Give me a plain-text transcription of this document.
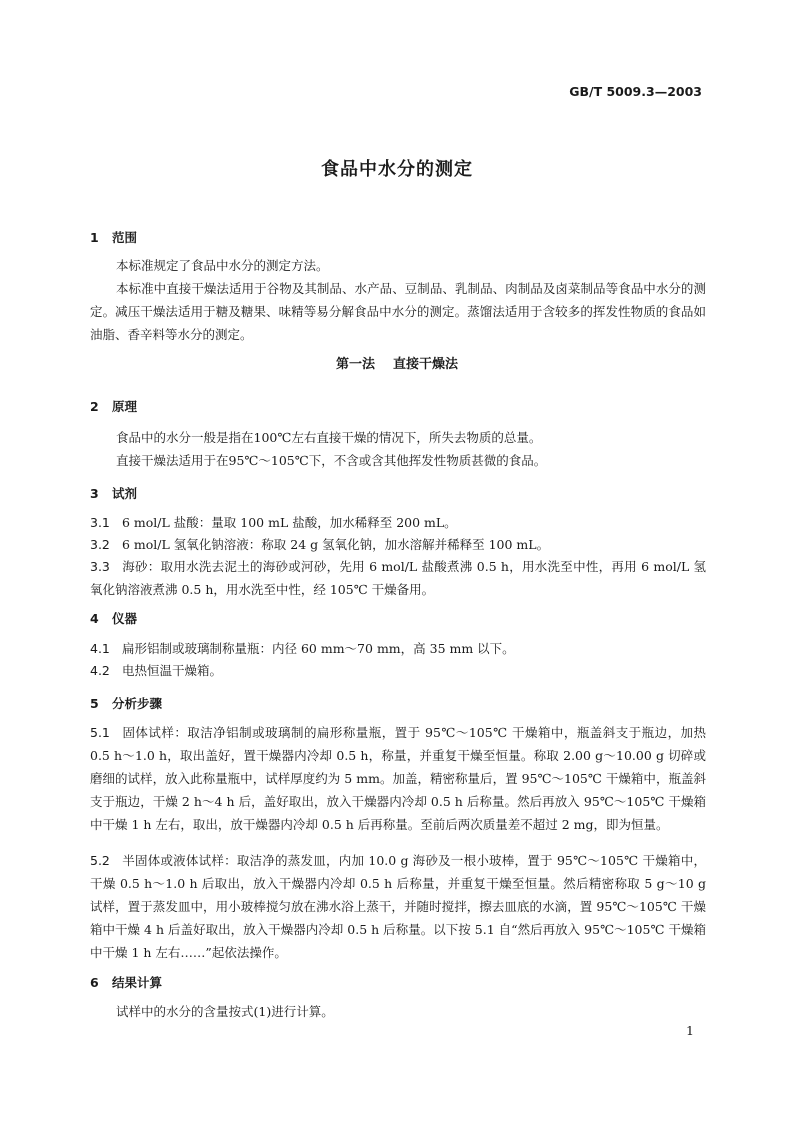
GB/T 5009.3—2003
食品中水分的测定
1 范围
本标准规定了食品中水分的测定方法。
本标准中直接干燥法适用于谷物及其制品、水产品、豆制品、乳制品、肉制品及卤菜制品等食品中水分的测定。减压干燥法适用于糖及糖果、味精等易分解食品中水分的测定。蒸馏法适用于含较多的挥发性物质的食品如油脂、香辛料等水分的测定。
第一法 直接干燥法
2 原理
食品中的水分一般是指在100℃左右直接干燥的情况下，所失去物质的总量。
直接干燥法适用于在95℃～105℃下，不含或含其他挥发性物质甚微的食品。
3 试剂
3.1 6 mol/L 盐酸：量取 100 mL 盐酸，加水稀释至 200 mL。
3.2 6 mol/L 氢氧化钠溶液：称取 24 g 氢氧化钠，加水溶解并稀释至 100 mL。
3.3 海砂：取用水洗去泥土的海砂或河砂，先用 6 mol/L 盐酸煮沸 0.5 h，用水洗至中性，再用 6 mol/L 氢氧化钠溶液煮沸 0.5 h，用水洗至中性，经 105℃ 干燥备用。
4 仪器
4.1 扁形铝制或玻璃制称量瓶：内径 60 mm～70 mm，高 35 mm 以下。
4.2 电热恒温干燥箱。
5 分析步骤
5.1 固体试样：取洁净铝制或玻璃制的扁形称量瓶，置于 95℃～105℃ 干燥箱中，瓶盖斜支于瓶边，加热 0.5 h～1.0 h，取出盖好，置干燥器内冷却 0.5 h，称量，并重复干燥至恒量。称取 2.00 g～10.00 g 切碎或磨细的试样，放入此称量瓶中，试样厚度约为 5 mm。加盖，精密称量后，置 95℃～105℃ 干燥箱中，瓶盖斜支于瓶边，干燥 2 h～4 h 后，盖好取出，放入干燥器内冷却 0.5 h 后称量。然后再放入 95℃～105℃ 干燥箱中干燥 1 h 左右，取出，放干燥器内冷却 0.5 h 后再称量。至前后两次质量差不超过 2 mg，即为恒量。
5.2 半固体或液体试样：取洁净的蒸发皿，内加 10.0 g 海砂及一根小玻棒，置于 95℃～105℃ 干燥箱中，干燥 0.5 h～1.0 h 后取出，放入干燥器内冷却 0.5 h 后称量，并重复干燥至恒量。然后精密称取 5 g～10 g 试样，置于蒸发皿中，用小玻棒搅匀放在沸水浴上蒸干，并随时搅拌，擦去皿底的水滴，置 95℃～105℃ 干燥箱中干燥 4 h 后盖好取出，放入干燥器内冷却 0.5 h 后称量。以下按 5.1 自“然后再放入 95℃～105℃ 干燥箱中干燥 1 h 左右……”起依法操作。
6 结果计算
试样中的水分的含量按式(1)进行计算。
1
